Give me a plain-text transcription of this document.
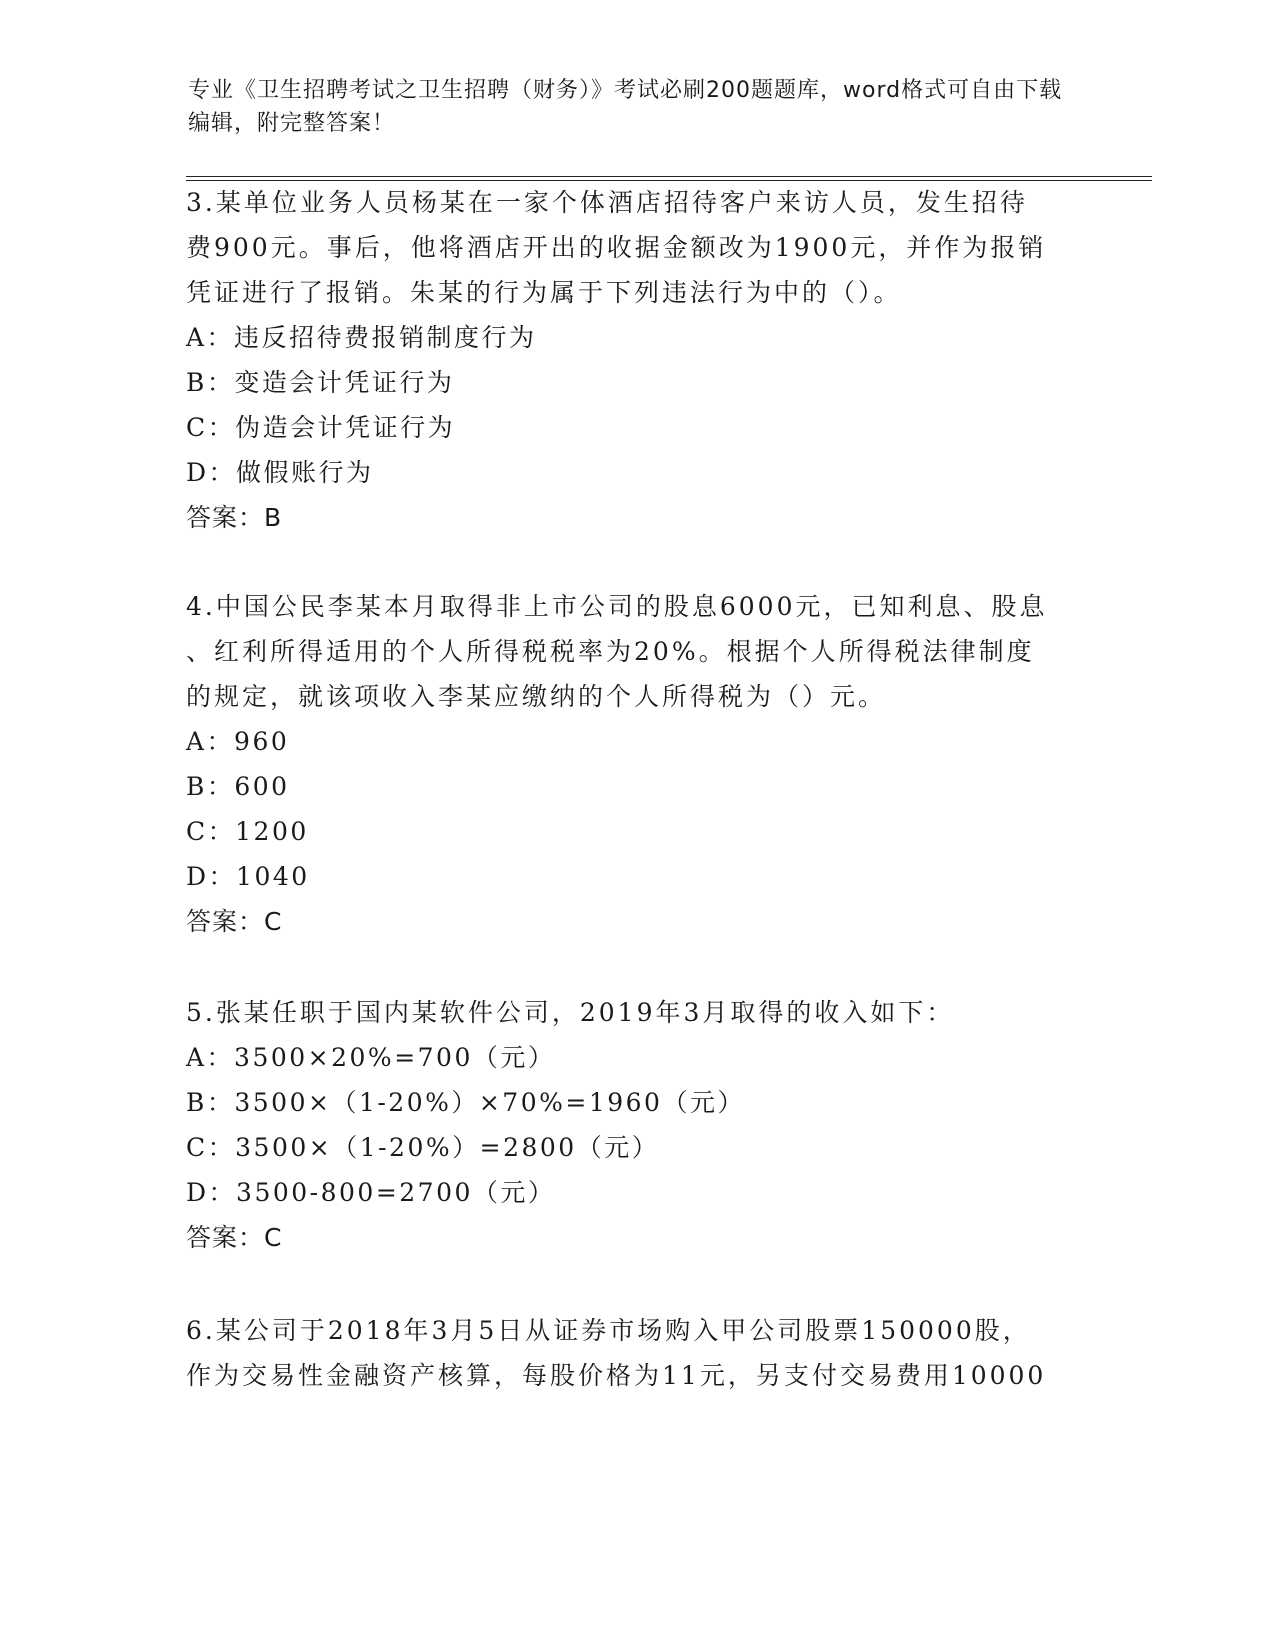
专业《卫生招聘考试之卫生招聘（财务）》考试必刷200题题库，word格式可自由下载编辑，附完整答案！

3.某单位业务人员杨某在一家个体酒店招待客户来访人员，发生招待

费900元。事后，他将酒店开出的收据金额改为1900元，并作为报销

凭证进行了报销。朱某的行为属于下列违法行为中的（）。

A：违反招待费报销制度行为

B：变造会计凭证行为

C：伪造会计凭证行为

D：做假账行为

答案：B

4.中国公民李某本月取得非上市公司的股息6000元，已知利息、股息

、红利所得适用的个人所得税税率为20%。根据个人所得税法律制度

的规定，就该项收入李某应缴纳的个人所得税为（）元。

A：960

B：600

C：1200

D：1040

答案：C

5.张某任职于国内某软件公司，2019年3月取得的收入如下：

A：3500×20%=700（元）

B：3500×（1-20%）×70%=1960（元）

C：3500×（1-20%）=2800（元）

D：3500-800=2700（元）

答案：C

6.某公司于2018年3月5日从证券市场购入甲公司股票150000股，

作为交易性金融资产核算，每股价格为11元，另支付交易费用10000
